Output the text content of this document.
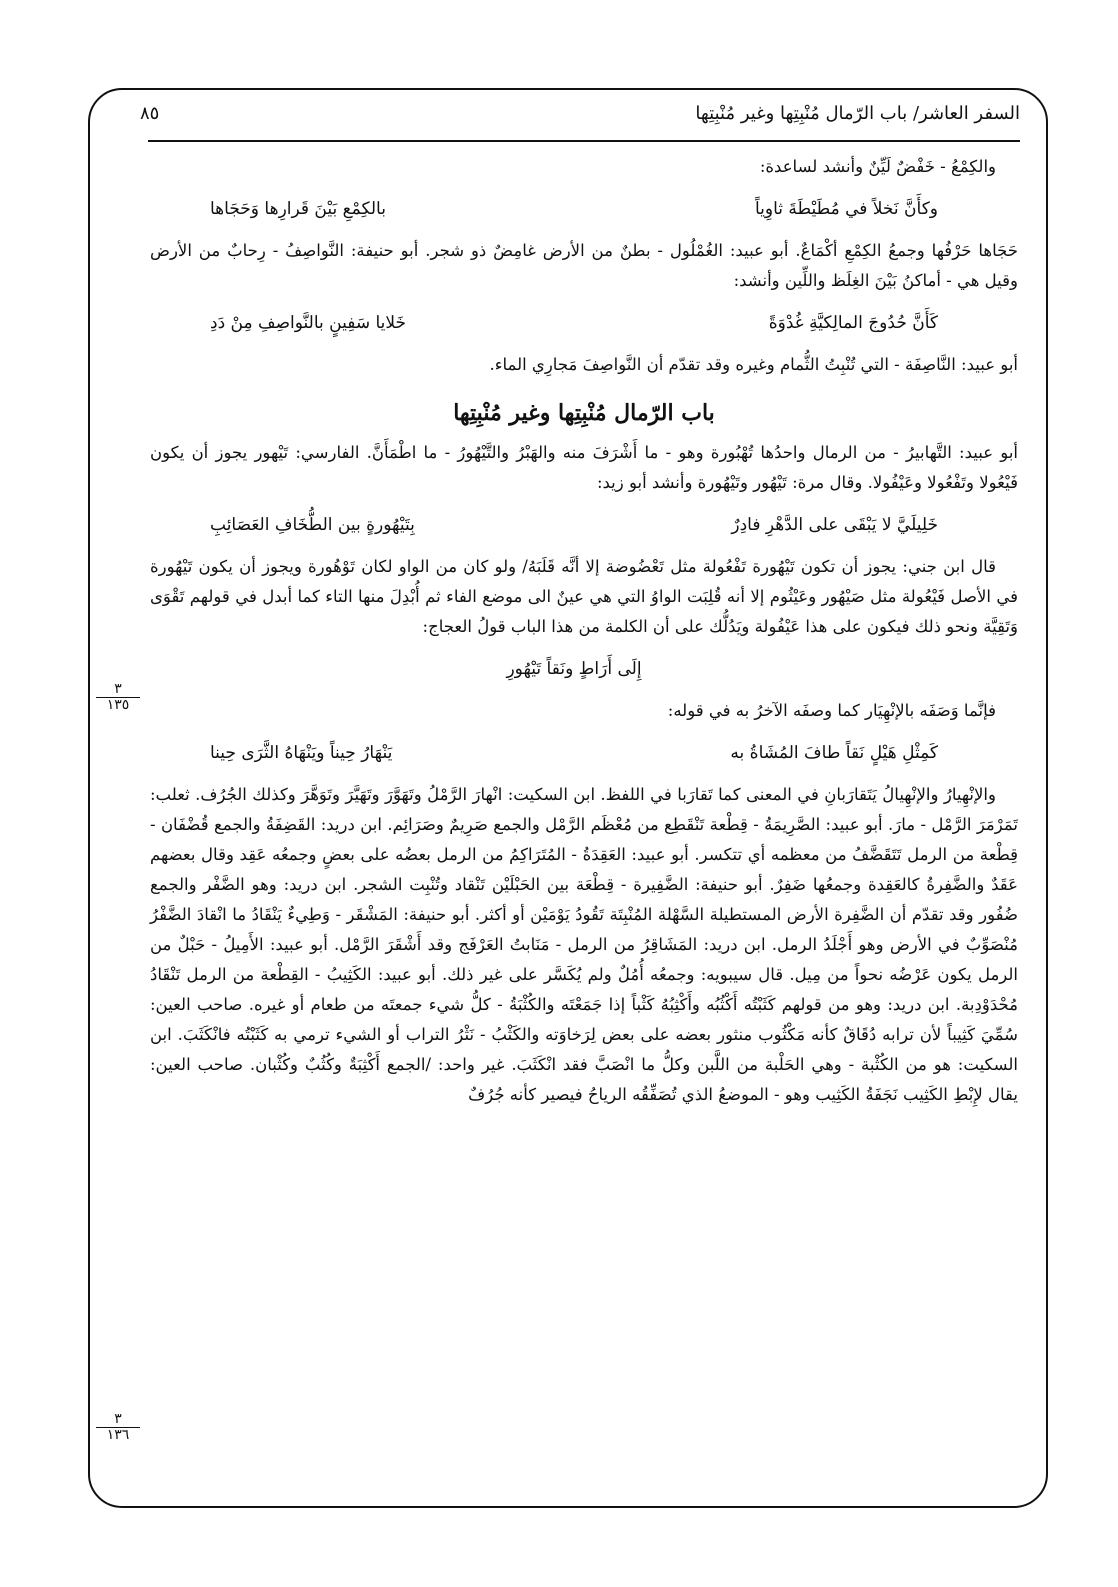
السفر العاشر/ باب الرّمال مُنْبِتِها وغير مُنْبِتِها
٨٥
٣
١٣٥
٣
١٣٦

والكِمْعُ - خَفْضٌ لَيِّنٌ وأنشد لساعدة:

وكأَنَّ نَخلاً في مُطَيْطَةَ ثاوِياً
بالكِمْعِ بَيْنَ قَرارِها وَحَجَاها

حَجَاها حَرْفُها وجمعُ الكِمْعِ أكْمَاعٌ. أبو عبيد: الغُمْلُول - بطنٌ من الأرض غامِضٌ ذو شجر. أبو حنيفة: النَّواصِفُ - رِحابٌ من الأرض وقيل هي - أماكنُ بَيْنَ الغِلَظ واللِّين وأنشد:

كَأَنَّ حُدُوجَ المالِكيَّةِ غُدْوَةً
خَلايا سَفِينٍ بالنَّواصِفِ مِنْ دَدِ

أبو عبيد: النَّاصِفَة - التي تُنْبِتُ الثُّمام وغيره وقد تقدّم أن النَّواصِفَ مَجارِي الماء.

باب الرّمال مُنْبِتِها وغير مُنْبِتِها

أبو عبيد: التَّهابيرُ - من الرمال واحدُها تُهْبُورة وهو - ما أَشْرَفَ منه والهَبْرُ والتَّيْهُورُ - ما اطْمَأَنَّ. الفارسي: تَيْهور يجوز أن يكون فَيْعُولا وتَفْعُولا وعَيْفُولا. وقال مرة: تَيْهُور وتَيْهُورة وأنشد أبو زيد:

خَلِيلَيَّ لا يَبْقَى على الدَّهْرِ فادِرٌ
بِتَيْهُورةٍ بين الطُّخَافِ العَصَائِبِ

قال ابن جني: يجوز أن تكون تَيْهُورة تَفْعُولة مثل تَعْضُوضة إلا أنَّه قَلَبَهُ/ ولو كان من الواو لكان تَوْهُورة ويجوز أن يكون تَيْهُورة في الأصل فَيْعُولة مثل صَيْهُور وعَيْثُوم إلا أنه قُلِبَت الواوُ التي هي عينٌ الى موضع الفاء ثم أُبْدِلَ منها التاء كما أبدل في قولهم تَقْوَى وَتَقِيَّة ونحو ذلك فيكون على هذا عَيْفُولة ويَدُلُّك على أن الكلمة من هذا الباب قولُ العجاج:

إِلَى أَرَاطٍ ونَقاً تَيْهُورِ

فإنَّما وَصَفَه بالإنْهِيَار كما وصفَه الآخرُ به في قوله:

كَمِثْلِ هَيْلٍ نَقاً طافَ المُشَاةُ به
يَنْهَارُ حِيناً ويَنْهَاهُ الثَّرَى حِينا

والإنْهِيارُ والإنْهِيالُ يَتَقارَبانِ في المعنى كما تَقارَبا في اللفظ. ابن السكيت: انْهارَ الرَّمْلُ وتَهَوَّرَ وتَهَيَّرَ وتَوَهَّرَ وكذلك الجُرُف. ثعلب: تَمَرْمَرَ الرَّمْل - مارَ. أبو عبيد: الصَّرِيمَةُ - قِطْعة تَنْقَطِع من مُعْظَم الرَّمْل والجمع صَرِيمٌ وصَرَائِم. ابن دريد: القَضِفَةُ والجمع قُضْفَان - قِطْعة من الرمل تَتَقَضَّفُ من معظمه أي تتكسر. أبو عبيد: العَقِدَةُ - المُتَرَاكِمُ من الرمل بعضُه على بعضٍ وجمعُه عَقِد وقال بعضهم عَقَدٌ والضَّفِرةُ كالعَقِدة وجمعُها ضَفِرٌ. أبو حنيفة: الضَّفِيرة - قِطْعَة بين الحَبْلَيْن تَنْقاد وتُنْبِت الشجر. ابن دريد: وهو الضَّفْر والجمع ضُفُور وقد تقدّم أن الضَّفِرة الأرض المستطيلة السَّهْلة المُنْبِتَة تَقُودُ يَوْمَيْن أو أكثر. أبو حنيفة: المَشْقَر - وَطِيءٌ يَنْقَادُ ما انْقادَ الضَّفْرُ مُنْصَوِّبٌ في الأرض وهو أَجْلَدُ الرمل. ابن دريد: المَشَاقِرُ من الرمل - مَنَابتُ العَرْفَج وقد أَشْقَرَ الرَّمْل. أبو عبيد: الأَمِيلُ - حَبْلٌ من الرمل يكون عَرْضُه نحواً من مِيل. قال سيبويه: وجمعُه أُمُلٌ ولم يُكَسَّر على غير ذلك. أبو عبيد: الكَثِيبُ - القِطْعة من الرمل تَنْقَادُ مُحْدَوْدِبة. ابن دريد: وهو من قولهم كَثَبْتُه أَكْثُبُه وأَكْثِبُهُ كَثْباً إذا جَمَعْتَه والكُثْبَةُ - كلُّ شيء جمعتَه من طعام أو غيره. صاحب العين: سُمِّيَ كَثِيباً لأن ترابه دُقَاقٌ كأنه مَكْثُوب منثور بعضه على بعض لِرَخاوَته والكَثْبُ - نَثْرُ التراب أو الشيء ترمي به كَثَبْتُه فانْكَثَبَ. ابن السكيت: هو من الكُثْبة - وهي الحَلْبة من اللَّبن وكلُّ ما انْصَبَّ فقد انْكَثَبَ. غير واحد: /الجمع أَكْثِبَةٌ وكُثُبٌ وكُثْبان. صاحب العين: يقال لإِبْطِ الكَثِيب نَجَفَةُ الكَثِيب وهو - الموضعُ الذي تُصَفِّقُه الرياحُ فيصير كأنه جُرُفٌ
